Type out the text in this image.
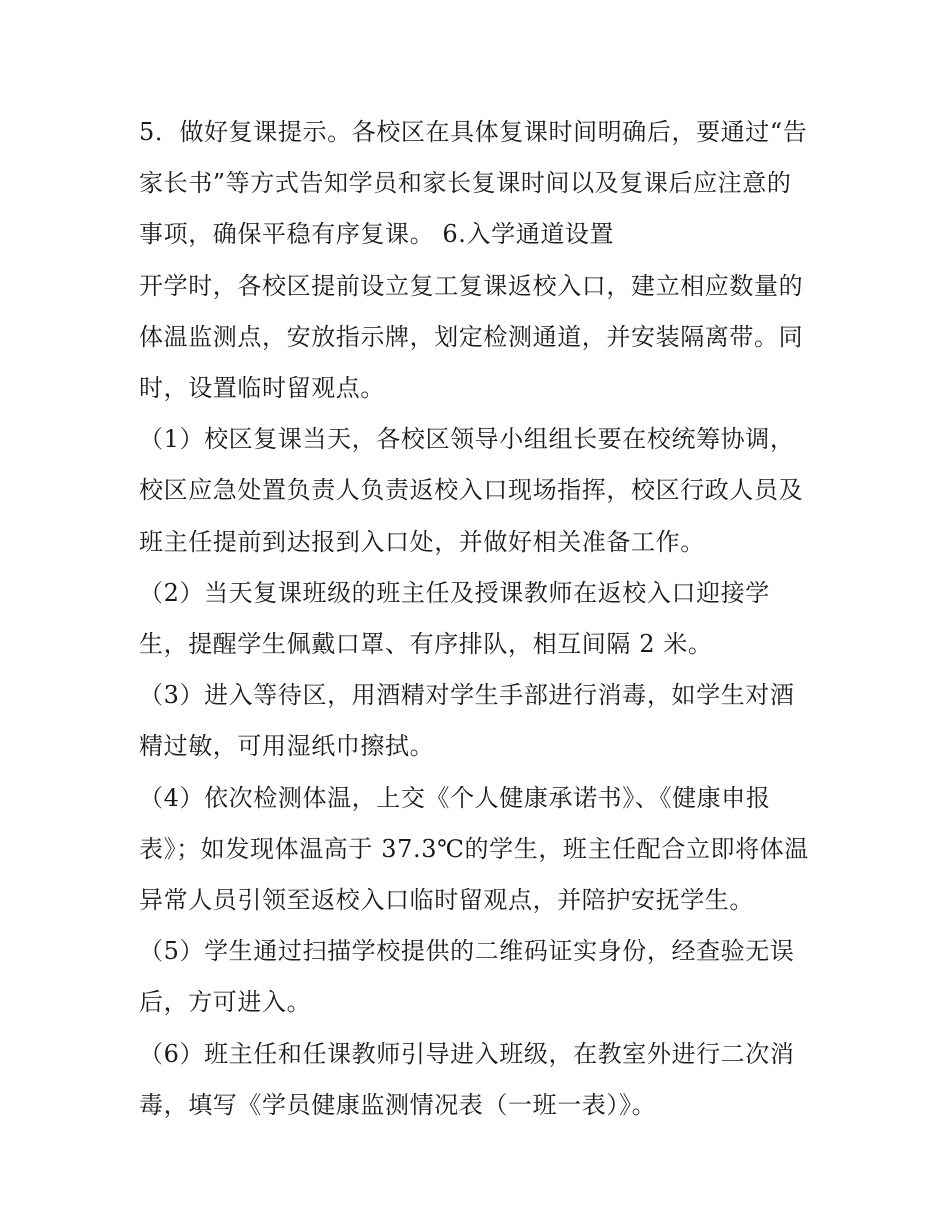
5．做好复课提示。各校区在具体复课时间明确后，要通过“告
家长书”等方式告知学员和家长复课时间以及复课后应注意的
事项，确保平稳有序复课。 6.入学通道设置

开学时，各校区提前设立复工复课返校入口，建立相应数量的
体温监测点，安放指示牌，划定检测通道，并安装隔离带。同
时，设置临时留观点。

（1）校区复课当天，各校区领导小组组长要在校统筹协调，
校区应急处置负责人负责返校入口现场指挥，校区行政人员及
班主任提前到达报到入口处，并做好相关准备工作。

（2）当天复课班级的班主任及授课教师在返校入口迎接学
生，提醒学生佩戴口罩、有序排队，相互间隔 2 米。

（3）进入等待区，用酒精对学生手部进行消毒，如学生对酒
精过敏，可用湿纸巾擦拭。

（4）依次检测体温，上交《个人健康承诺书》、《健康申报
表》；如发现体温高于 37.3℃的学生，班主任配合立即将体温
异常人员引领至返校入口临时留观点，并陪护安抚学生。

（5）学生通过扫描学校提供的二维码证实身份，经查验无误
后，方可进入。

（6）班主任和任课教师引导进入班级，在教室外进行二次消
毒，填写《学员健康监测情况表（一班一表）》。
